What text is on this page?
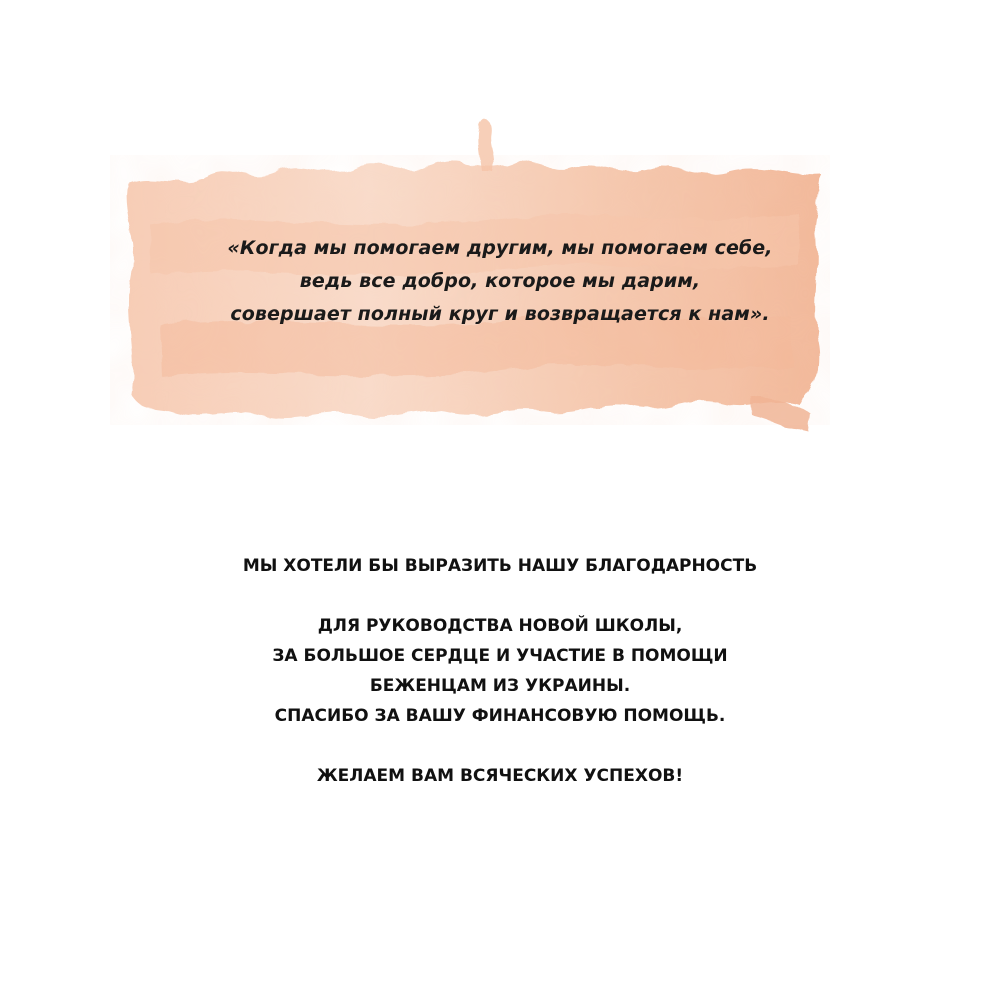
«Когда мы помогаем другим, мы помогаем себе,
ведь все добро, которое мы дарим,
совершает полный круг и возвращается к нам».
МЫ ХОТЕЛИ БЫ ВЫРАЗИТЬ НАШУ БЛАГОДАРНОСТЬ
ДЛЯ РУКОВОДСТВА НОВОЙ ШКОЛЫ,
ЗА БОЛЬШОЕ СЕРДЦЕ И УЧАСТИЕ В ПОМОЩИ
БЕЖЕНЦАМ ИЗ УКРАИНЫ.
СПАСИБО ЗА ВАШУ ФИНАНСОВУЮ ПОМОЩЬ.
ЖЕЛАЕМ ВАМ ВСЯЧЕСКИХ УСПЕХОВ!
